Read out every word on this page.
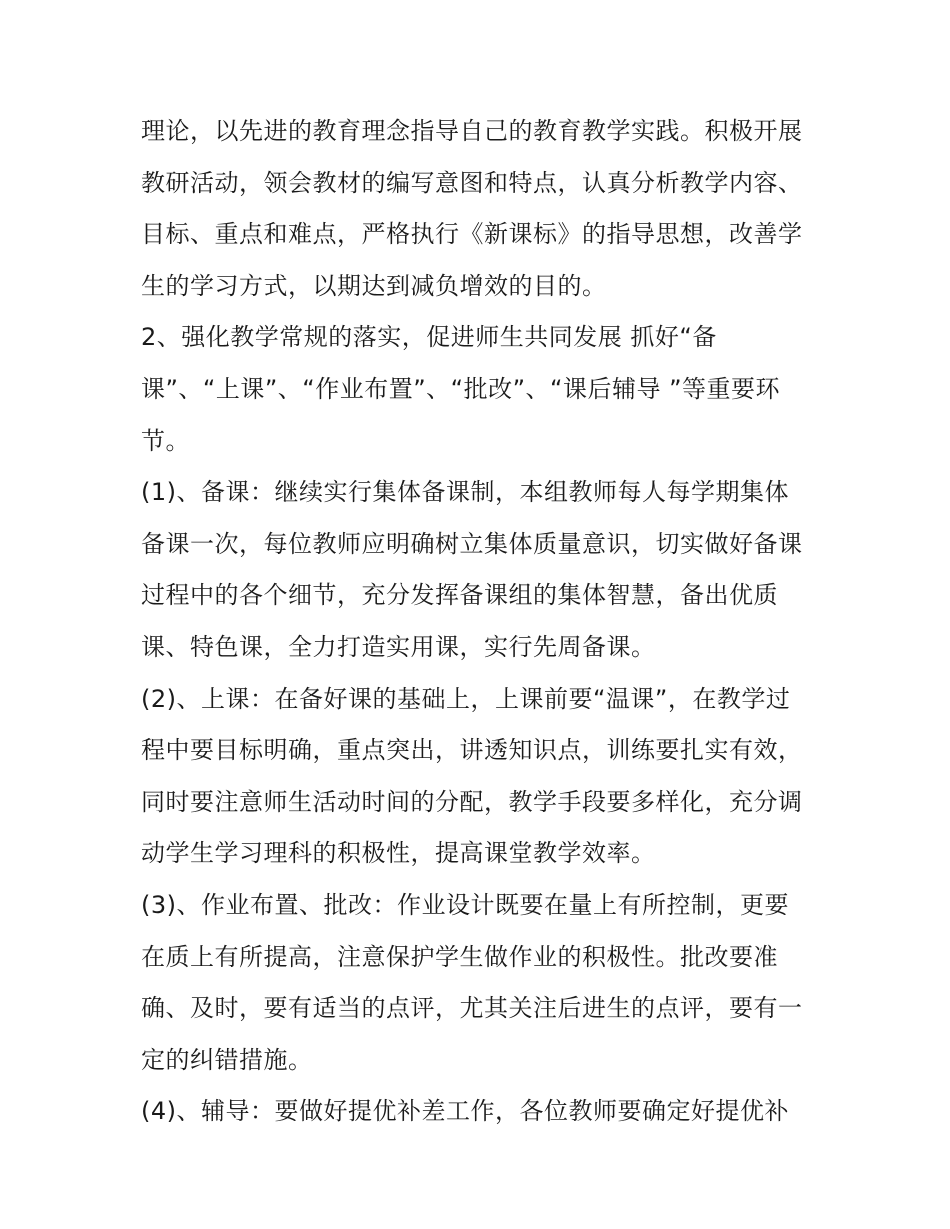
理论，以先进的教育理念指导自己的教育教学实践。积极开展
教研活动，领会教材的编写意图和特点，认真分析教学内容、
目标、重点和难点，严格执行《新课标》的指导思想，改善学
生的学习方式，以期达到减负增效的目的。
2、强化教学常规的落实，促进师生共同发展 抓好“备
课”、“上课”、“作业布置”、“批改”、“课后辅导 ”等重要环
节。
(1)、备课：继续实行集体备课制，本组教师每人每学期集体
备课一次，每位教师应明确树立集体质量意识，切实做好备课
过程中的各个细节，充分发挥备课组的集体智慧，备出优质
课、特色课，全力打造实用课，实行先周备课。
(2)、上课：在备好课的基础上，上课前要“温课”，在教学过
程中要目标明确，重点突出，讲透知识点，训练要扎实有效，
同时要注意师生活动时间的分配，教学手段要多样化，充分调
动学生学习理科的积极性，提高课堂教学效率。
(3)、作业布置、批改：作业设计既要在量上有所控制，更要
在质上有所提高，注意保护学生做作业的积极性。批改要准
确、及时，要有适当的点评，尤其关注后进生的点评，要有一
定的纠错措施。
(4)、辅导：要做好提优补差工作，各位教师要确定好提优补
